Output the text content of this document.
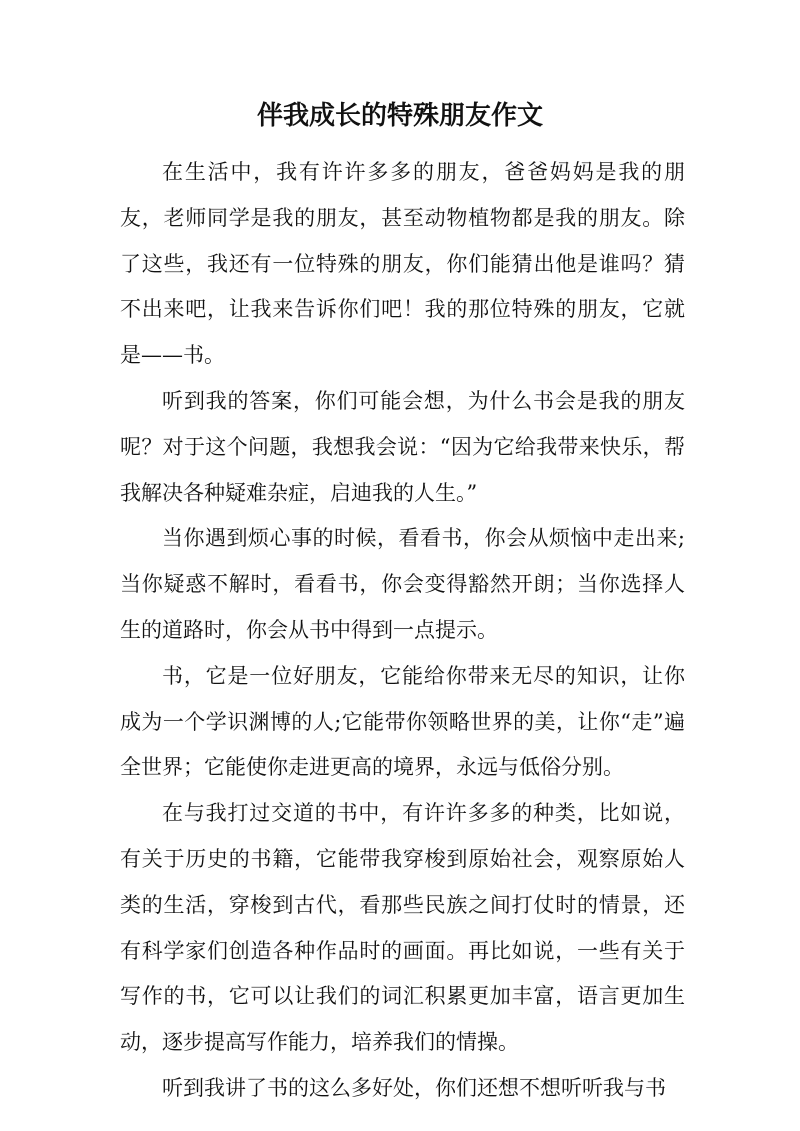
伴我成长的特殊朋友作文

在生活中，我有许许多多的朋友，爸爸妈妈是我的朋友，老师同学是我的朋友，甚至动物植物都是我的朋友。除了这些，我还有一位特殊的朋友，你们能猜出他是谁吗？猜不出来吧，让我来告诉你们吧！我的那位特殊的朋友，它就是——书。

听到我的答案，你们可能会想，为什么书会是我的朋友呢？对于这个问题，我想我会说：“因为它给我带来快乐，帮我解决各种疑难杂症，启迪我的人生。”

当你遇到烦心事的时候，看看书，你会从烦恼中走出来;当你疑惑不解时，看看书，你会变得豁然开朗；当你选择人生的道路时，你会从书中得到一点提示。

书，它是一位好朋友，它能给你带来无尽的知识，让你成为一个学识渊博的人;它能带你领略世界的美，让你“走”遍全世界；它能使你走进更高的境界，永远与低俗分别。

在与我打过交道的书中，有许许多多的种类，比如说，有关于历史的书籍，它能带我穿梭到原始社会，观察原始人类的生活，穿梭到古代，看那些民族之间打仗时的情景，还有科学家们创造各种作品时的画面。再比如说，一些有关于写作的书，它可以让我们的词汇积累更加丰富，语言更加生动，逐步提高写作能力，培养我们的情操。

听到我讲了书的这么多好处，你们还想不想听听我与书
